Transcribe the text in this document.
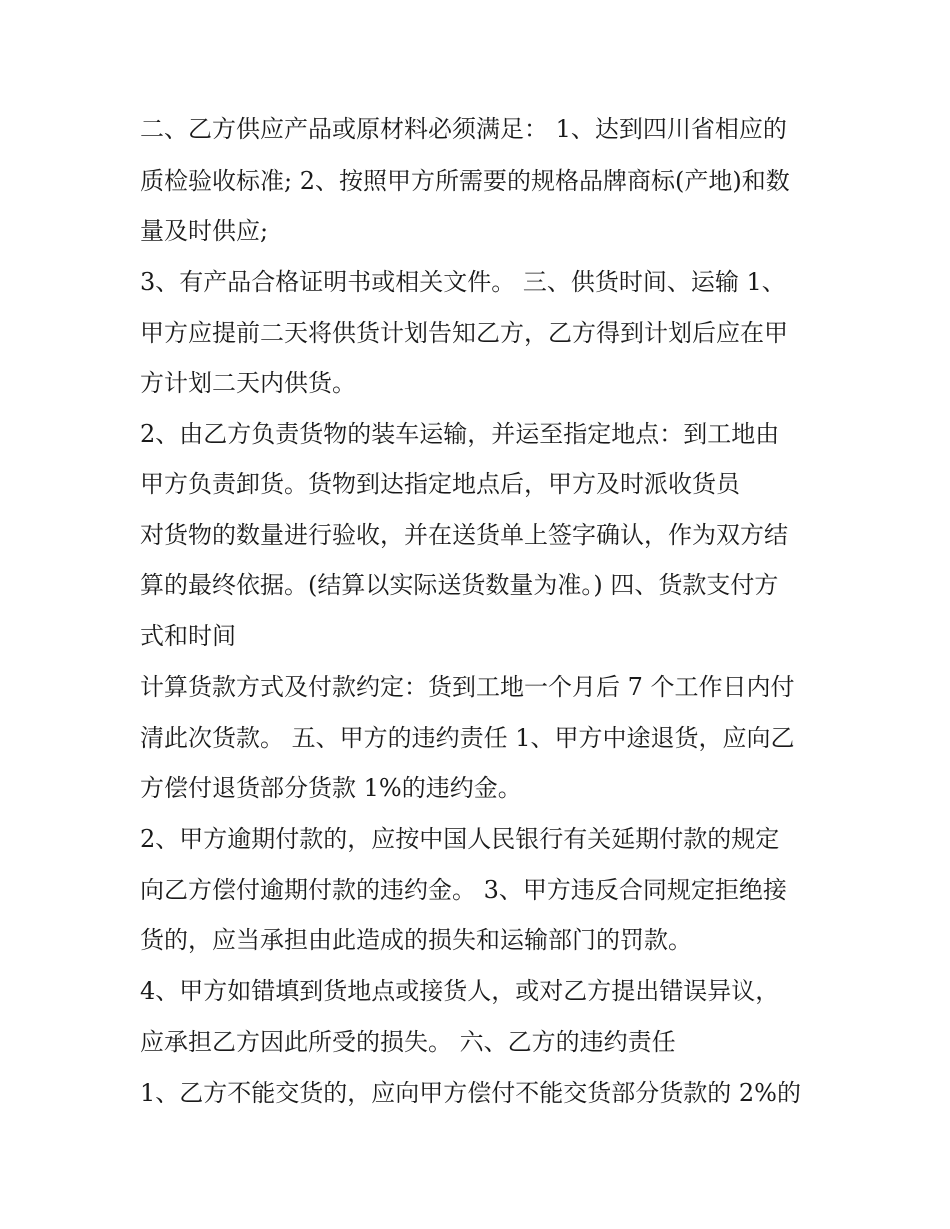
二、乙方供应产品或原材料必须满足： 1、达到四川省相应的
质检验收标准; 2、按照甲方所需要的规格品牌商标(产地)和数
量及时供应;
3、有产品合格证明书或相关文件。 三、供货时间、运输 1、
甲方应提前二天将供货计划告知乙方，乙方得到计划后应在甲
方计划二天内供货。
2、由乙方负责货物的装车运输，并运至指定地点：到工地由
甲方负责卸货。货物到达指定地点后，甲方及时派收货员
对货物的数量进行验收，并在送货单上签字确认，作为双方结
算的最终依据。(结算以实际送货数量为准。) 四、货款支付方
式和时间
计算货款方式及付款约定：货到工地一个月后 7 个工作日内付
清此次货款。 五、甲方的违约责任 1、甲方中途退货，应向乙
方偿付退货部分货款 1%的违约金。
2、甲方逾期付款的，应按中国人民银行有关延期付款的规定
向乙方偿付逾期付款的违约金。 3、甲方违反合同规定拒绝接
货的，应当承担由此造成的损失和运输部门的罚款。
4、甲方如错填到货地点或接货人，或对乙方提出错误异议，
应承担乙方因此所受的损失。 六、乙方的违约责任
1、乙方不能交货的，应向甲方偿付不能交货部分货款的 2%的
